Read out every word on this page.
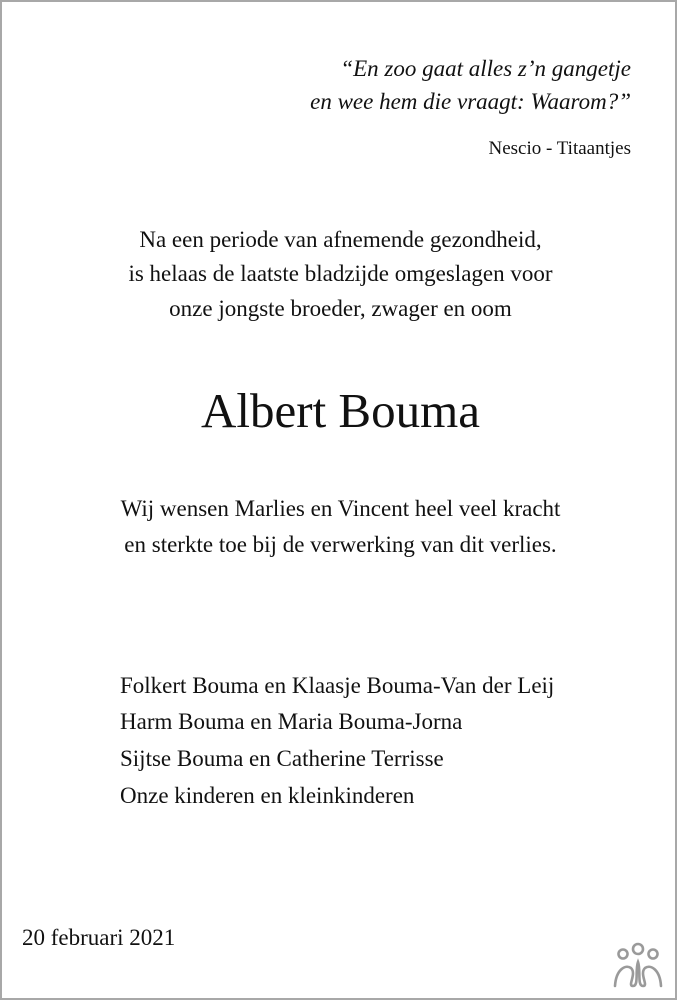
“En zoo gaat alles z’n gangetje
en wee hem die vraagt: Waarom?”
Nescio - Titaantjes
Na een periode van afnemende gezondheid,
is helaas de laatste bladzijde omgeslagen voor
onze jongste broeder, zwager en oom
Albert Bouma
Wij wensen Marlies en Vincent heel veel kracht
en sterkte toe bij de verwerking van dit verlies.
Folkert Bouma en Klaasje Bouma-Van der Leij
Harm Bouma en Maria Bouma-Jorna
Sijtse Bouma en Catherine Terrisse
Onze kinderen en kleinkinderen
20 februari 2021
